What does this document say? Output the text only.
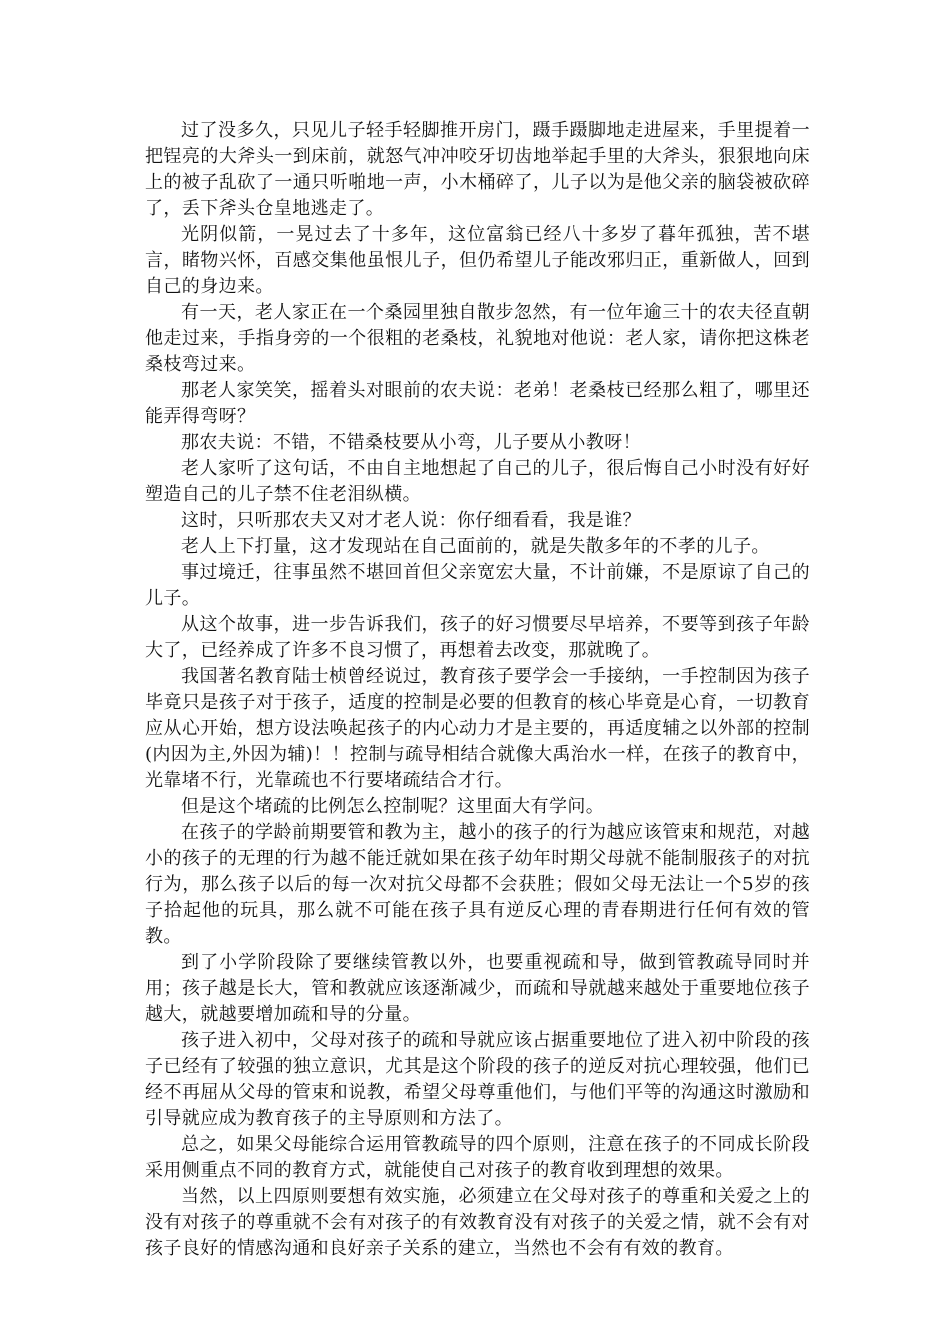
过了没多久，只见儿子轻手轻脚推开房门，蹑手蹑脚地走进屋来，手里提着一把锃亮的大斧头一到床前，就怒气冲冲咬牙切齿地举起手里的大斧头，狠狠地向床上的被子乱砍了一通只听啪地一声，小木桶碎了，儿子以为是他父亲的脑袋被砍碎了，丢下斧头仓皇地逃走了。

光阴似箭，一晃过去了十多年，这位富翁已经八十多岁了暮年孤独，苦不堪言，睹物兴怀，百感交集他虽恨儿子，但仍希望儿子能改邪归正，重新做人，回到自己的身边来。

有一天，老人家正在一个桑园里独自散步忽然，有一位年逾三十的农夫径直朝他走过来，手指身旁的一个很粗的老桑枝，礼貌地对他说：老人家，请你把这株老桑枝弯过来。

那老人家笑笑，摇着头对眼前的农夫说：老弟！老桑枝已经那么粗了，哪里还能弄得弯呀？

那农夫说：不错，不错桑枝要从小弯，儿子要从小教呀！

老人家听了这句话，不由自主地想起了自己的儿子，很后悔自己小时没有好好塑造自己的儿子禁不住老泪纵横。

这时，只听那农夫又对才老人说：你仔细看看，我是谁？

老人上下打量，这才发现站在自己面前的，就是失散多年的不孝的儿子。

事过境迁，往事虽然不堪回首但父亲宽宏大量，不计前嫌，不是原谅了自己的儿子。

从这个故事，进一步告诉我们，孩子的好习惯要尽早培养，不要等到孩子年龄大了，已经养成了许多不良习惯了，再想着去改变，那就晚了。

我国著名教育陆士桢曾经说过，教育孩子要学会一手接纳，一手控制因为孩子毕竟只是孩子对于孩子，适度的控制是必要的但教育的核心毕竟是心育，一切教育应从心开始，想方设法唤起孩子的内心动力才是主要的，再适度辅之以外部的控制(内因为主,外因为辅)！！控制与疏导相结合就像大禹治水一样，在孩子的教育中，光靠堵不行，光靠疏也不行要堵疏结合才行。

但是这个堵疏的比例怎么控制呢？这里面大有学问。

在孩子的学龄前期要管和教为主，越小的孩子的行为越应该管束和规范，对越小的孩子的无理的行为越不能迁就如果在孩子幼年时期父母就不能制服孩子的对抗行为，那么孩子以后的每一次对抗父母都不会获胜；假如父母无法让一个5岁的孩子拾起他的玩具，那么就不可能在孩子具有逆反心理的青春期进行任何有效的管教。

到了小学阶段除了要继续管教以外，也要重视疏和导，做到管教疏导同时并用；孩子越是长大，管和教就应该逐渐减少，而疏和导就越来越处于重要地位孩子越大，就越要增加疏和导的分量。

孩子进入初中，父母对孩子的疏和导就应该占据重要地位了进入初中阶段的孩子已经有了较强的独立意识，尤其是这个阶段的孩子的逆反对抗心理较强，他们已经不再屈从父母的管束和说教，希望父母尊重他们，与他们平等的沟通这时激励和引导就应成为教育孩子的主导原则和方法了。

总之，如果父母能综合运用管教疏导的四个原则，注意在孩子的不同成长阶段采用侧重点不同的教育方式，就能使自己对孩子的教育收到理想的效果。

当然，以上四原则要想有效实施，必须建立在父母对孩子的尊重和关爱之上的没有对孩子的尊重就不会有对孩子的有效教育没有对孩子的关爱之情，就不会有对孩子良好的情感沟通和良好亲子关系的建立，当然也不会有有效的教育。
